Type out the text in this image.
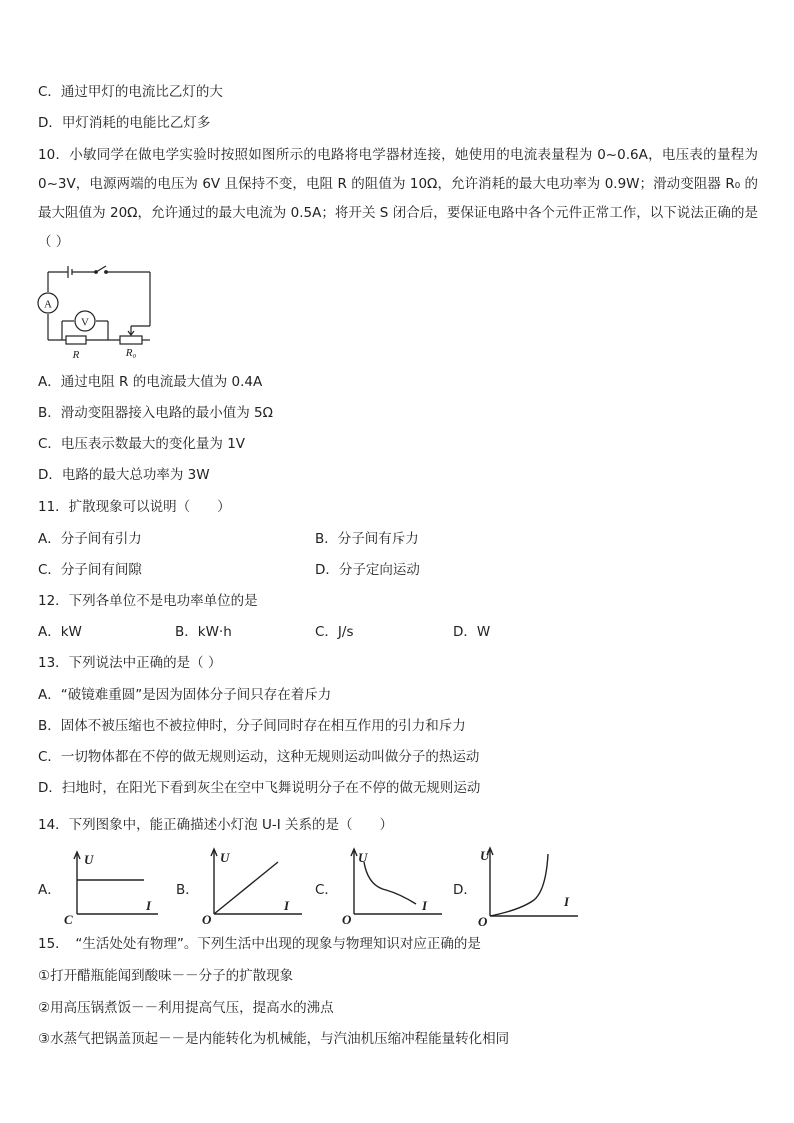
C．通过甲灯的电流比乙灯的大
D．甲灯消耗的电能比乙灯多
10．小敏同学在做电学实验时按照如图所示的电路将电学器材连接，她使用的电流表量程为 0~0.6A，电压表的量程为 0~3V，电源两端的电压为 6V 且保持不变，电阻 R 的阻值为 10Ω，允许消耗的最大电功率为 0.9W；滑动变阻器 R₀ 的最大阻值为 20Ω，允许通过的最大电流为 0.5A；将开关 S 闭合后，要保证电路中各个元件正常工作，以下说法正确的是（ ）
A
V
R	R₀
A．通过电阻 R 的电流最大值为 0.4A
B．滑动变阻器接入电路的最小值为 5Ω
C．电压表示数最大的变化量为 1V
D．电路的最大总功率为 3W
11．扩散现象可以说明（　　）
A．分子间有引力	B．分子间有斥力
C．分子间有间隙	D．分子定向运动
12．下列各单位不是电功率单位的是
A．kW	B．kW·h	C．J/s	D．W
13．下列说法中正确的是（ ）
A．“破镜难重圆”是因为固体分子间只存在着斥力
B．固体不被压缩也不被拉伸时，分子间同时存在相互作用的引力和斥力
C．一切物体都在不停的做无规则运动，这种无规则运动叫做分子的热运动
D．扫地时，在阳光下看到灰尘在空中飞舞说明分子在不停的做无规则运动
14．下列图象中，能正确描述小灯泡 U-I 关系的是（　　）
A．
U
I
C
B．
U
I
O
C．
U
I
O
D．
U
I
O
15．　“生活处处有物理”。下列生活中出现的现象与物理知识对应正确的是
①打开醋瓶能闻到酸味－－分子的扩散现象
②用高压锅煮饭－－利用提高气压，提高水的沸点
③水蒸气把锅盖顶起－－是内能转化为机械能，与汽油机压缩冲程能量转化相同
